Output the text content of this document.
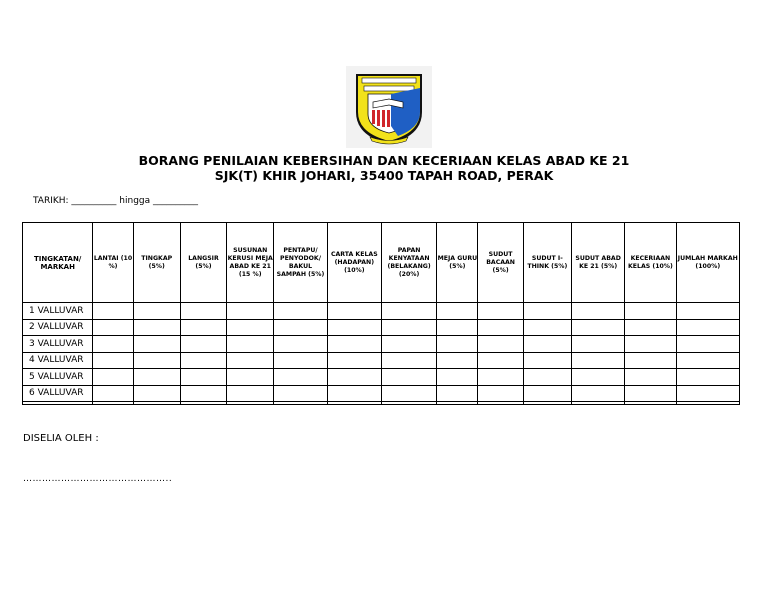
BORANG PENILAIAN KEBERSIHAN DAN KECERIAAN KELAS ABAD KE 21
SJK(T) KHIR JOHARI, 35400 TAPAH ROAD, PERAK
TARIKH: __________ hingga __________
TINGKATAN/ MARKAH	LANTAI (10 %)	TINGKAP (5%)	LANGSIR (5%)	SUSUNAN KERUSI MEJA ABAD KE 21 (15 %)	PENTAPU/ PENYODOK/ BAKUL SAMPAH (5%)	CARTA KELAS (HADAPAN) (10%)	PAPAN KENYATAAN (BELAKANG) (20%)	MEJA GURU (5%)	SUDUT BACAAN (5%)	SUDUT I-THINK (5%)	SUDUT ABAD KE 21 (5%)	KECERIAAN KELAS (10%)	JUMLAH MARKAH (100%)
1 VALLUVAR													
2 VALLUVAR													
3 VALLUVAR													
4 VALLUVAR													
5 VALLUVAR													
6 VALLUVAR													

DISELIA OLEH :
………………………………………..
